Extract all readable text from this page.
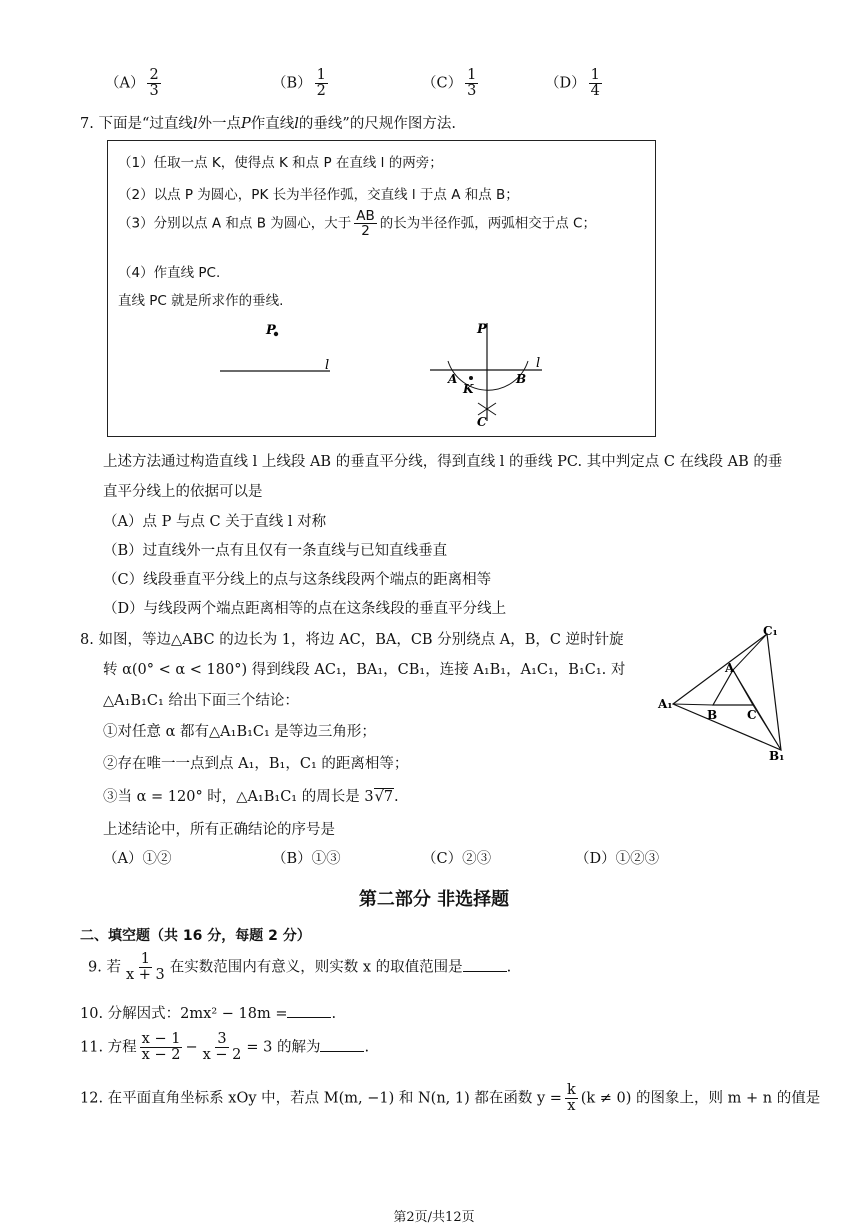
$(A) \frac{2}{3}$	$(B) \frac{1}{2}$	$(C) \frac{1}{3}$	$(D) \frac{1}{4}$
7. 下面是“过直线l外一点P作直线l的垂线”的尺规作图方法.
（1）任取一点 K，使得点 K 和点 P 在直线 l 的两旁；
（2）以点 P 为圆心，PK 长为半径作弧，交直线 l 于点 A 和点 B；
（3）分别以点 A 和点 B 为圆心，大于 $\frac{AB}{2}$ 的长为半径作弧，两弧相交于点 C；
（4）作直线 PC.
直线 PC 就是所求作的垂线.
P
l
P
l
A	B
K
C
上述方法通过构造直线 l 上线段 AB 的垂直平分线，得到直线 l 的垂线 PC. 其中判定点 C 在线段 AB 的垂
直平分线上的依据可以是
（A）点 P 与点 C 关于直线 l 对称
（B）过直线外一点有且仅有一条直线与已知直线垂直
（C）线段垂直平分线上的点与这条线段两个端点的距离相等
（D）与线段两个端点距离相等的点在这条线段的垂直平分线上
8. 如图，等边△ABC 的边长为 1，将边 AC，BA，CB 分别绕点 A，B，C 逆时针旋
转 α(0° < α < 180°) 得到线段 AC₁，BA₁，CB₁，连接 A₁B₁，A₁C₁，B₁C₁. 对
△A₁B₁C₁ 给出下面三个结论：
①对任意 α 都有△A₁B₁C₁ 是等边三角形；
②存在唯一一点到点 A₁，B₁，C₁ 的距离相等；
③当 α = 120° 时，△A₁B₁C₁ 的周长是 3√7.
上述结论中，所有正确结论的序号是
（A）①②	（B）①③	（C）②③	（D）①②③
C₁
A
A₁
B C
B₁
第二部分 非选择题
二、填空题（共 16 分，每题 2 分）
9. 若 $\frac{1}{x + 3}$ 在实数范围内有意义，则实数 x 的取值范围是	.
10. 分解因式：2mx² − 18m =	.
11. 方程 $\frac{x - 1}{x - 2} - \frac{3}{x - 2} = 3$ 的解为	.
12. 在平面直角坐标系 xOy 中，若点 M(m, −1) 和 N(n, 1) 都在函数 $y = \frac{k}{x} (k \ne 0)$ 的图象上，则 m + n 的值是
第2页/共12页
